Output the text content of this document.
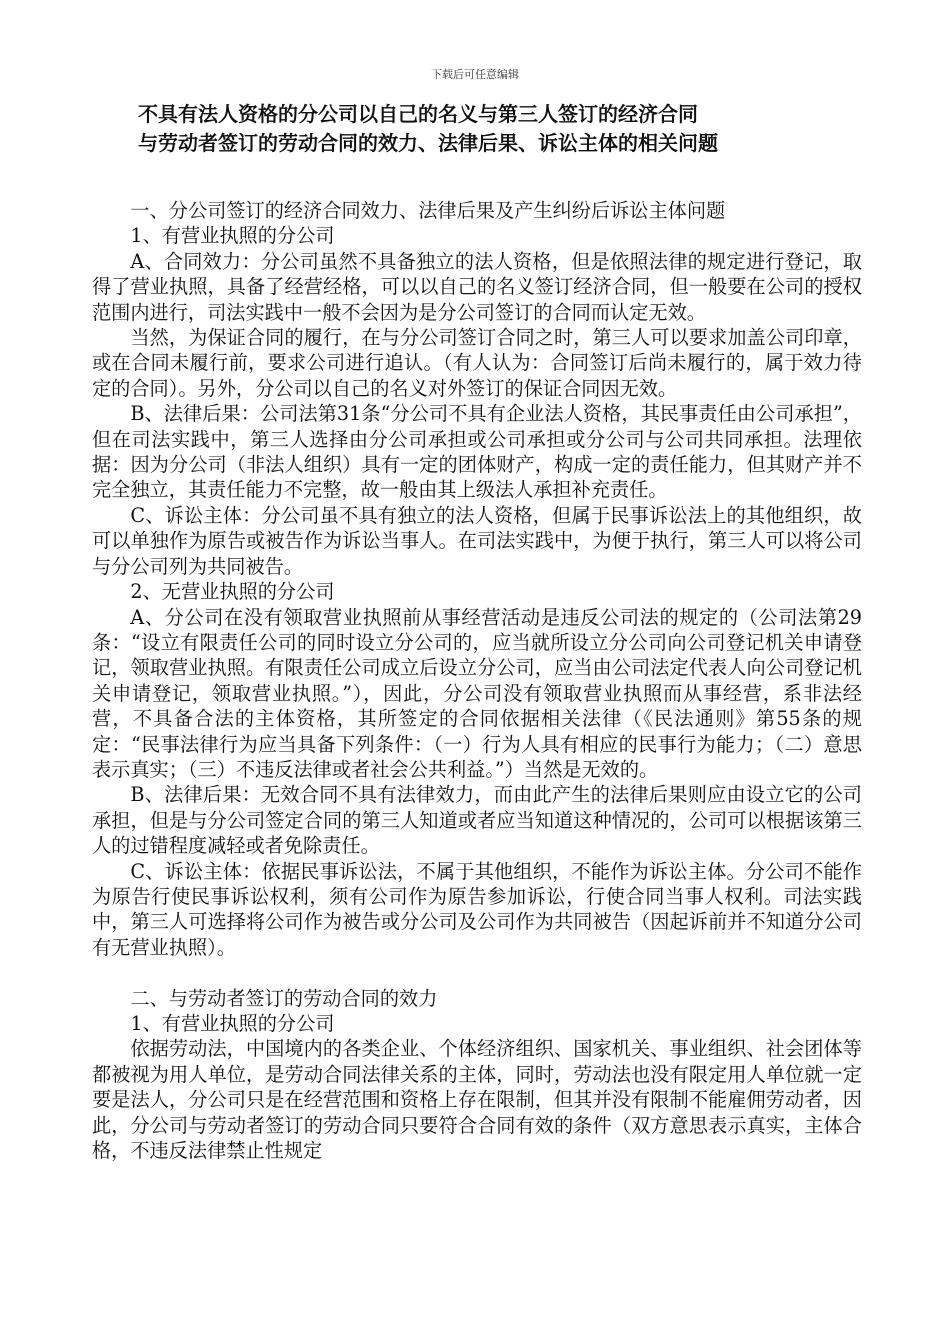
下载后可任意编辑
不具有法人资格的分公司以自己的名义与第三人签订的经济合同
与劳动者签订的劳动合同的效力、法律后果、诉讼主体的相关问题

一、分公司签订的经济合同效力、法律后果及产生纠纷后诉讼主体问题

1、有营业执照的分公司

A、合同效力：分公司虽然不具备独立的法人资格，但是依照法律的规定进行登记，取得了营业执照，具备了经营经格，可以以自己的名义签订经济合同，但一般要在公司的授权范围内进行，司法实践中一般不会因为是分公司签订的合同而认定无效。

当然，为保证合同的履行，在与分公司签订合同之时，第三人可以要求加盖公司印章，或在合同未履行前，要求公司进行追认。（有人认为：合同签订后尚未履行的，属于效力待定的合同）。另外，分公司以自己的名义对外签订的保证合同因无效。

B、法律后果：公司法第31条“分公司不具有企业法人资格，其民事责任由公司承担”，但在司法实践中，第三人选择由分公司承担或公司承担或分公司与公司共同承担。法理依据：因为分公司（非法人组织）具有一定的团体财产，构成一定的责任能力，但其财产并不完全独立，其责任能力不完整，故一般由其上级法人承担补充责任。

C、诉讼主体：分公司虽不具有独立的法人资格，但属于民事诉讼法上的其他组织，故可以单独作为原告或被告作为诉讼当事人。在司法实践中，为便于执行，第三人可以将公司与分公司列为共同被告。

2、无营业执照的分公司

A、分公司在没有领取营业执照前从事经营活动是违反公司法的规定的（公司法第29条：“设立有限责任公司的同时设立分公司的，应当就所设立分公司向公司登记机关申请登记，领取营业执照。有限责任公司成立后设立分公司，应当由公司法定代表人向公司登记机关申请登记，领取营业执照。”），因此，分公司没有领取营业执照而从事经营，系非法经营，不具备合法的主体资格，其所签定的合同依据相关法律（《民法通则》第55条的规定：“民事法律行为应当具备下列条件：（一）行为人具有相应的民事行为能力；（二）意思表示真实；（三）不违反法律或者社会公共利益。”）当然是无效的。

B、法律后果：无效合同不具有法律效力，而由此产生的法律后果则应由设立它的公司承担，但是与分公司签定合同的第三人知道或者应当知道这种情况的，公司可以根据该第三人的过错程度减轻或者免除责任。

C、诉讼主体：依据民事诉讼法，不属于其他组织，不能作为诉讼主体。分公司不能作为原告行使民事诉讼权利，须有公司作为原告参加诉讼，行使合同当事人权利。司法实践中，第三人可选择将公司作为被告或分公司及公司作为共同被告（因起诉前并不知道分公司有无营业执照）。

二、与劳动者签订的劳动合同的效力

1、有营业执照的分公司

依据劳动法，中国境内的各类企业、个体经济组织、国家机关、事业组织、社会团体等都被视为用人单位，是劳动合同法律关系的主体，同时，劳动法也没有限定用人单位就一定要是法人，分公司只是在经营范围和资格上存在限制，但其并没有限制不能雇佣劳动者，因此，分公司与劳动者签订的劳动合同只要符合合同有效的条件（双方意思表示真实，主体合格，不违反法律禁止性规定
